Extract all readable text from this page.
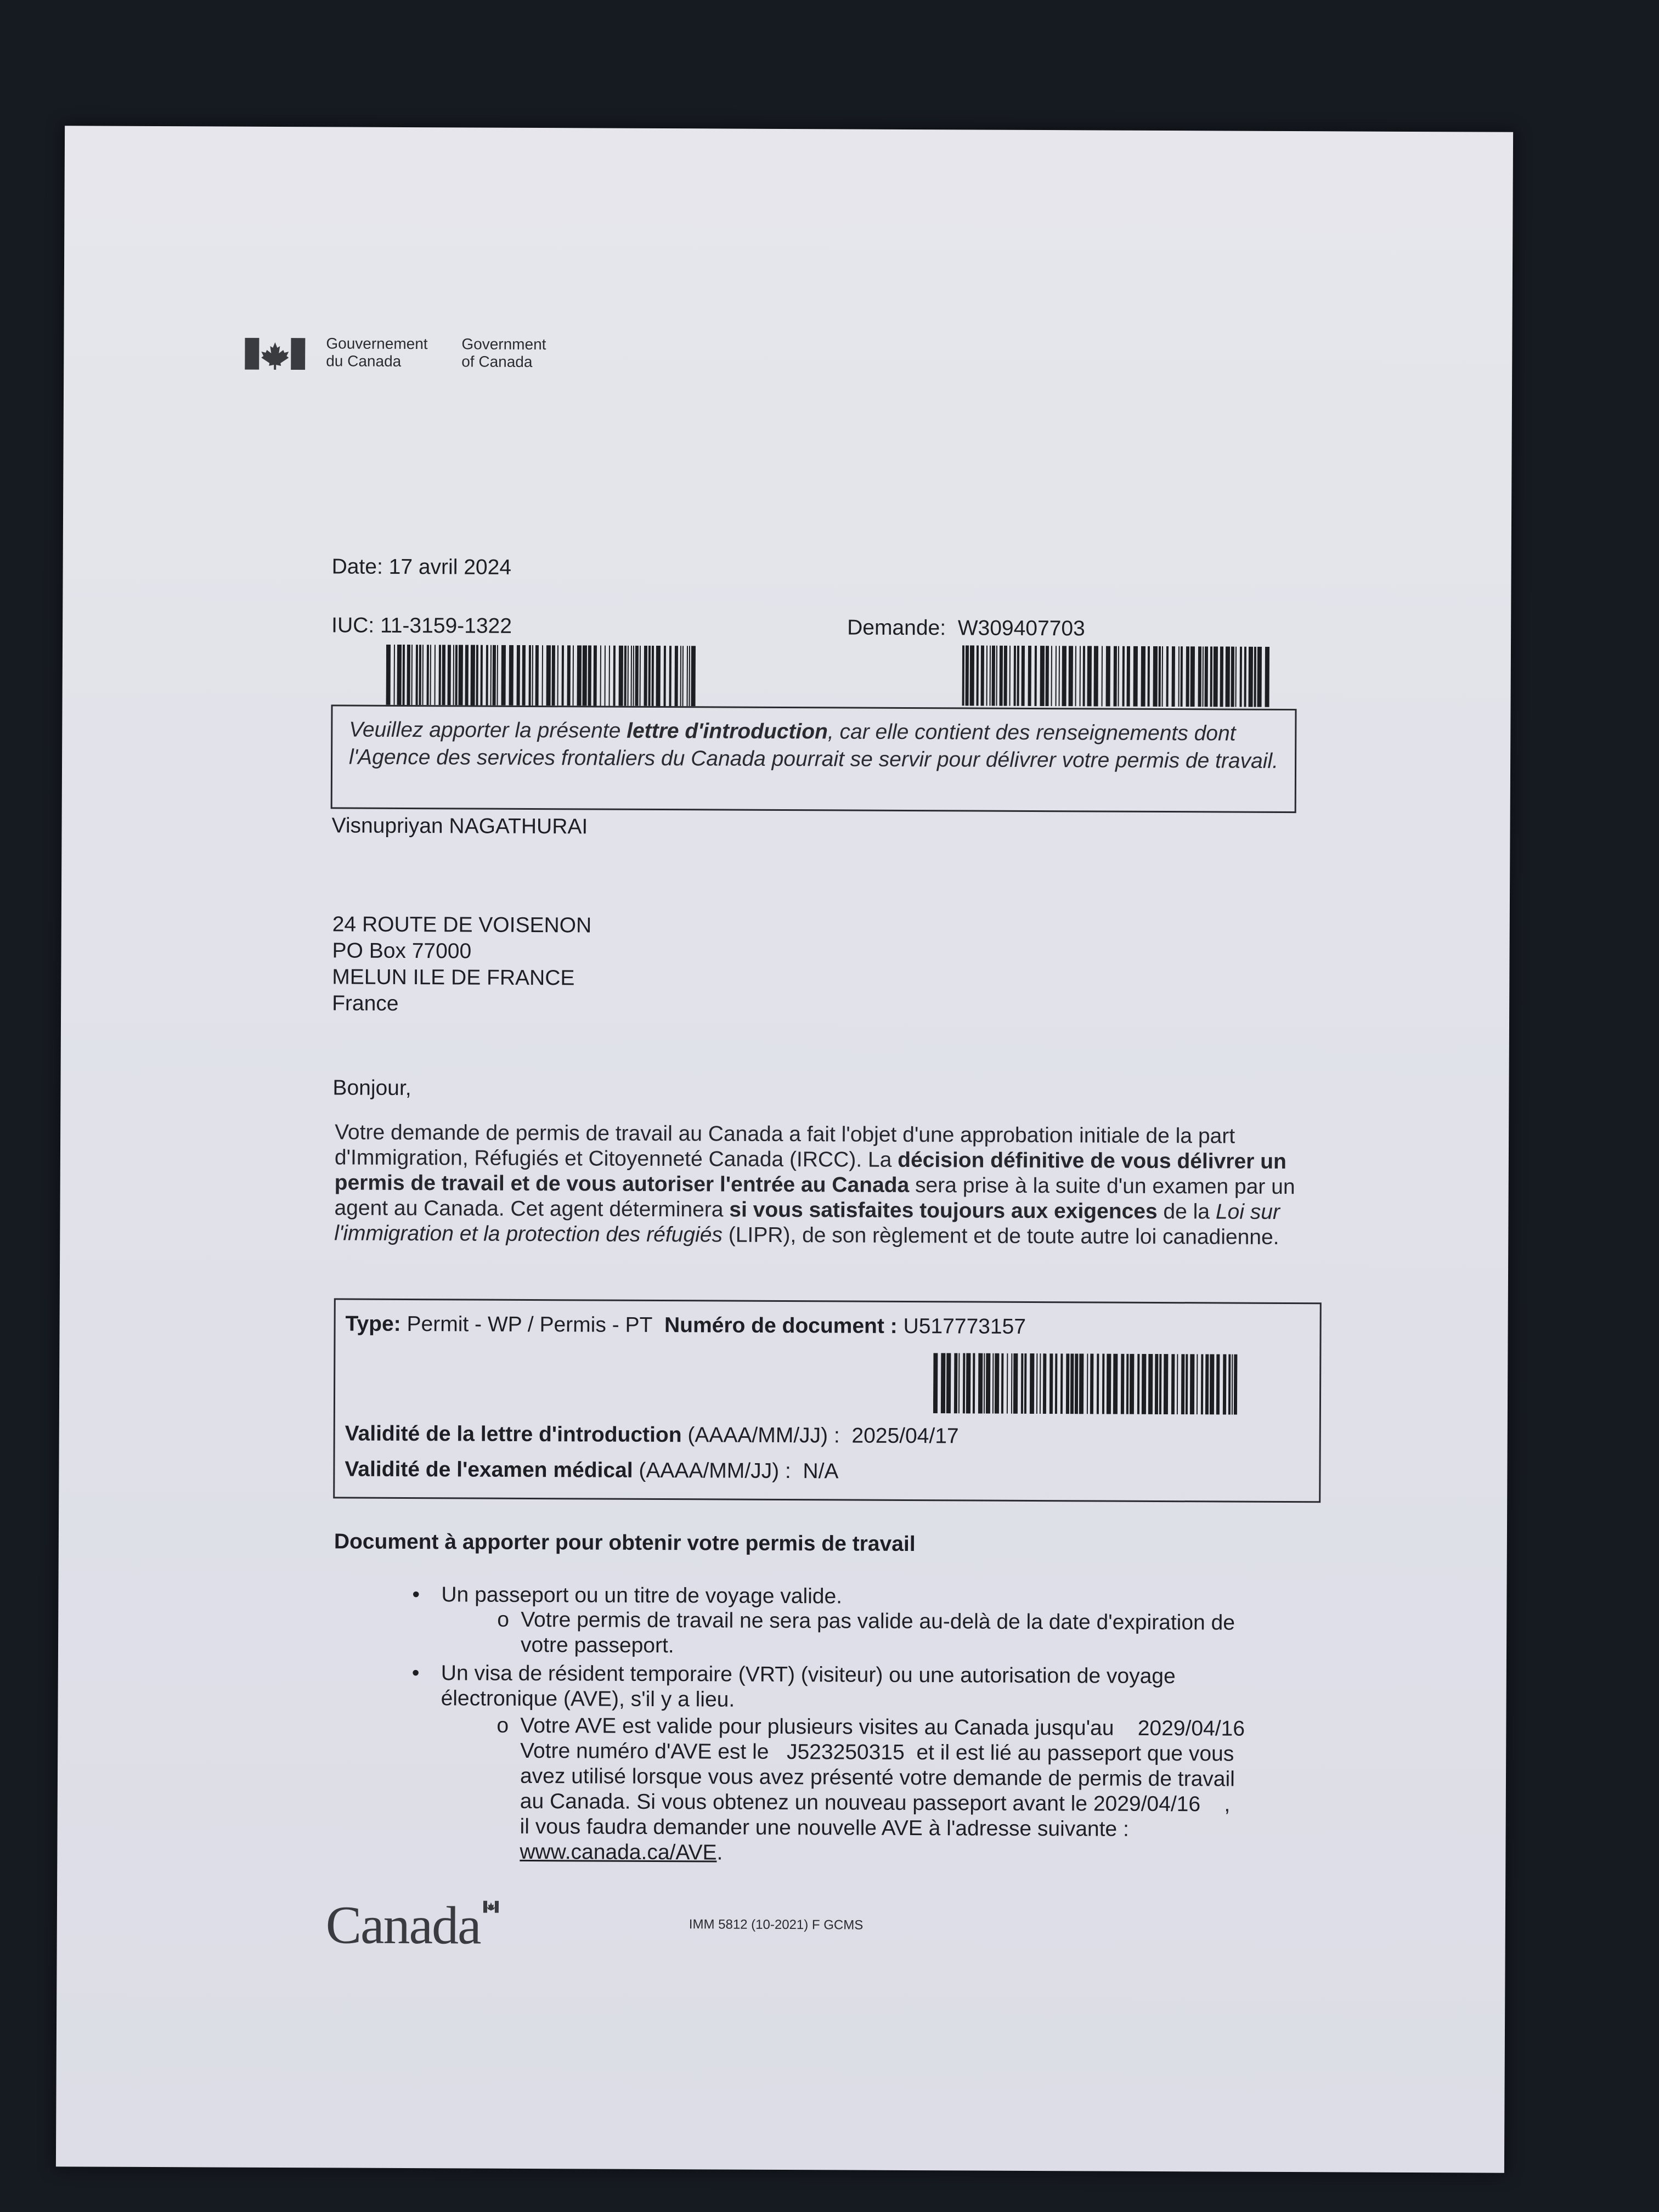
Gouvernement
du Canada
Government
of Canada
Date: 17 avril 2024
IUC: 11-3159-1322	Demande: W309407703
Veuillez apporter la présente lettre d'introduction, car elle contient des renseignements dont l'Agence des services frontaliers du Canada pourrait se servir pour délivrer votre permis de travail.
Visnupriyan NAGATHURAI
24 ROUTE DE VOISENON
PO Box 77000
MELUN ILE DE FRANCE
France
Bonjour,
Votre demande de permis de travail au Canada a fait l'objet d'une approbation initiale de la part d'Immigration, Réfugiés et Citoyenneté Canada (IRCC). La décision définitive de vous délivrer un permis de travail et de vous autoriser l'entrée au Canada sera prise à la suite d'un examen par un agent au Canada. Cet agent déterminera si vous satisfaites toujours aux exigences de la Loi sur l'immigration et la protection des réfugiés (LIPR), de son règlement et de toute autre loi canadienne.
Type: Permit - WP / Permis - PT Numéro de document : U517773157
Validité de la lettre d'introduction (AAAA/MM/JJ) : 2025/04/17
Validité de l'examen médical (AAAA/MM/JJ) : N/A
Document à apporter pour obtenir votre permis de travail
• Un passeport ou un titre de voyage valide.
o Votre permis de travail ne sera pas valide au-delà de la date d'expiration de
votre passeport.
• Un visa de résident temporaire (VRT) (visiteur) ou une autorisation de voyage
électronique (AVE), s'il y a lieu.
o Votre AVE est valide pour plusieurs visites au Canada jusqu'au 2029/04/16
Votre numéro d'AVE est le J523250315 et il est lié au passeport que vous
avez utilisé lorsque vous avez présenté votre demande de permis de travail
au Canada. Si vous obtenez un nouveau passeport avant le 2029/04/16 ,
il vous faudra demander une nouvelle AVE à l'adresse suivante :
www.canada.ca/AVE.
Canada	IMM 5812 (10-2021) F GCMS
